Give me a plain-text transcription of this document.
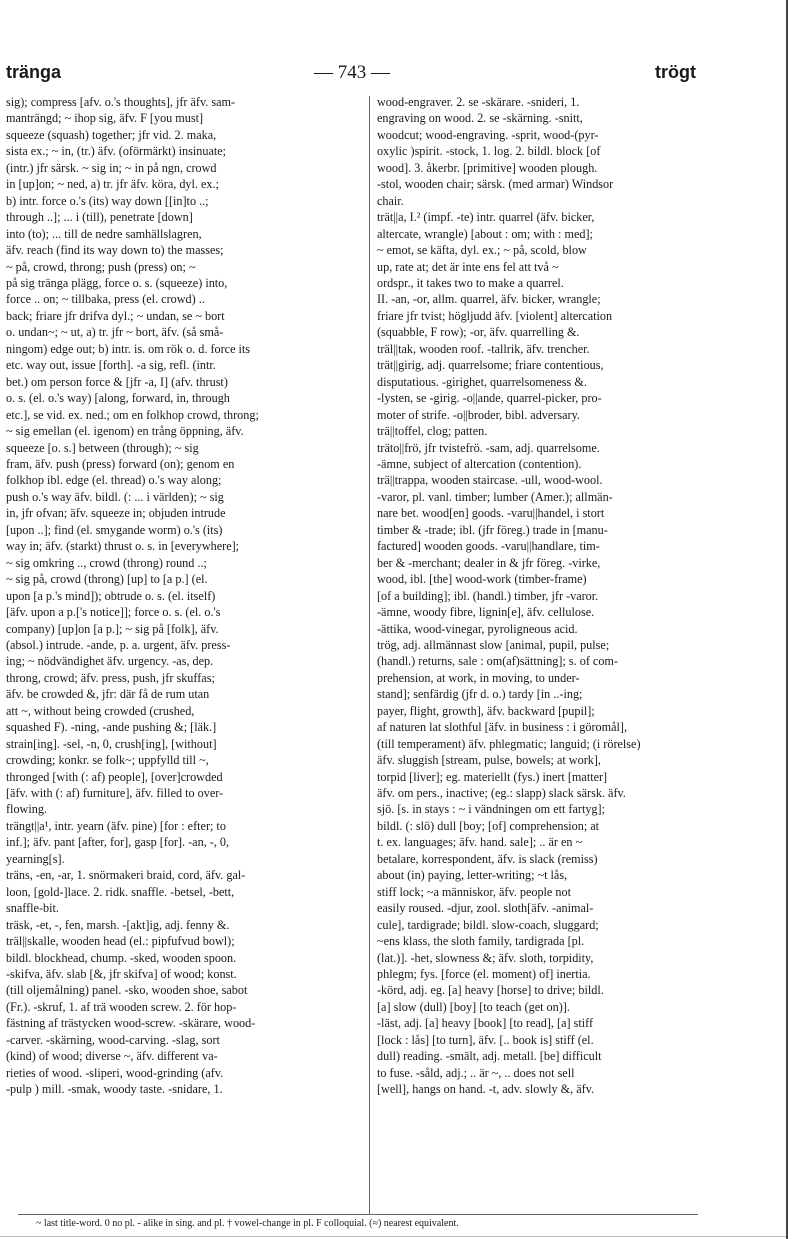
tränga	— 743 —	trögt
sig); compress [afv. o.'s thoughts], jfr äfv. sam-
manträngd; ~ ihop sig, äfv. F [you must]
squeeze (squash) together; jfr vid. 2. maka,
sista ex.; ~ in, (tr.) äfv. (oförmärkt) insinuate;
(intr.) jfr särsk. ~ sig in; ~ in på ngn, crowd
in [up]on; ~ ned, a) tr. jfr äfv. köra, dyl. ex.;
b) intr. force o.'s (its) way down [[in]to ..;
through ..]; ... i (till), penetrate [down]
into (to); ... till de nedre samhällslagren,
äfv. reach (find its way down to) the masses;
~ på, crowd, throng; push (press) on; ~
på sig tränga plägg, force o. s. (squeeze) into,
force .. on; ~ tillbaka, press (el. crowd) ..
back; friare jfr drifva dyl.; ~ undan, se ~ bort
o. undan~; ~ ut, a) tr. jfr ~ bort, äfv. (så små-
ningom) edge out; b) intr. is. om rök o. d. force its
etc. way out, issue [forth]. -a sig, refl. (intr.
bet.) om person force & [jfr -a, I] (afv. thrust)
o. s. (el. o.'s way) [along, forward, in, through
etc.], se vid. ex. ned.; om en folkhop crowd, throng;
~ sig emellan (el. igenom) en trång öppning, äfv.
squeeze [o. s.] between (through); ~ sig
fram, äfv. push (press) forward (on); genom en
folkhop ibl. edge (el. thread) o.'s way along;
push o.'s way äfv. bildl. (: ... i världen); ~ sig
in, jfr ofvan; äfv. squeeze in; objuden intrude
[upon ..]; find (el. smygande worm) o.'s (its)
way in; äfv. (starkt) thrust o. s. in [everywhere];
~ sig omkring .., crowd (throng) round ..;
~ sig på, crowd (throng) [up] to [a p.] (el.
upon [a p.'s mind]); obtrude o. s. (el. itself)
[äfv. upon a p.['s notice]]; force o. s. (el. o.'s
company) [up]on [a p.]; ~ sig på [folk], äfv.
(absol.) intrude. -ande, p. a. urgent, äfv. press-
ing; ~ nödvändighet äfv. urgency. -as, dep.
throng, crowd; äfv. press, push, jfr skuffas;
äfv. be crowded &, jfr: där få de rum utan
att ~, without being crowded (crushed,
squashed F). -ning, -ande pushing &; [läk.]
strain[ing]. -sel, -n, 0, crush[ing], [without]
crowding; konkr. se folk~; uppfylld till ~,
thronged [with (: af) people], [over]crowded
[äfv. with (: af) furniture], äfv. filled to over-
flowing.
trängt||a¹, intr. yearn (äfv. pine) [for : efter; to
inf.]; äfv. pant [after, for], gasp [for]. -an, -, 0,
yearning[s].
träns, -en, -ar, 1. snörmakeri braid, cord, äfv. gal-
loon, [gold-]lace. 2. ridk. snaffle. -betsel, -bett,
snaffle-bit.
träsk, -et, -, fen, marsh. -[akt]ig, adj. fenny &.
träl||skalle, wooden head (el.: pipfufvud bowl);
bildl. blockhead, chump. -sked, wooden spoon.
-skifva, äfv. slab [&, jfr skifva] of wood; konst.
(till oljemålning) panel. -sko, wooden shoe, sabot
(Fr.). -skruf, 1. af trä wooden screw. 2. för hop-
fästning af trästycken wood-screw. -skärare, wood-
-carver. -skärning, wood-carving. -slag, sort
(kind) of wood; diverse ~, äfv. different va-
rieties of wood. -sliperi, wood-grinding (afv.
-pulp ) mill. -smak, woody taste. -snidare, 1.
wood-engraver. 2. se -skärare. -snideri, 1.
engraving on wood. 2. se -skärning. -snitt,
woodcut; wood-engraving. -sprit, wood-(pyr-
oxylic )spirit. -stock, 1. log. 2. bildl. block [of
wood]. 3. åkerbr. [primitive] wooden plough.
-stol, wooden chair; särsk. (med armar) Windsor
chair.
trät||a, I.² (impf. -te) intr. quarrel (äfv. bicker,
altercate, wrangle) [about : om; with : med];
~ emot, se käfta, dyl. ex.; ~ på, scold, blow
up, rate at; det är inte ens fel att två ~
ordspr., it takes two to make a quarrel.
II. -an, -or, allm. quarrel, äfv. bicker, wrangle;
friare jfr tvist; högljudd äfv. [violent] altercation
(squabble, F row); -or, äfv. quarrelling &.
träl||tak, wooden roof. -tallrik, äfv. trencher.
trät||girig, adj. quarrelsome; friare contentious,
disputatious. -girighet, quarrelsomeness &.
-lysten, se -girig. -o||ande, quarrel-picker, pro-
moter of strife. -o||broder, bibl. adversary.
trä||toffel, clog; patten.
träto||frö, jfr tvistefrö. -sam, adj. quarrelsome.
-ämne, subject of altercation (contention).
trä||trappa, wooden staircase. -ull, wood-wool.
-varor, pl. vanl. timber; lumber (Amer.); allmän-
nare bet. wood[en] goods. -varu||handel, i stort
timber & -trade; ibl. (jfr föreg.) trade in [manu-
factured] wooden goods. -varu||handlare, tim-
ber & -merchant; dealer in & jfr föreg. -virke,
wood, ibl. [the] wood-work (timber-frame)
[of a building]; ibl. (handl.) timber, jfr -varor.
-ämne, woody fibre, lignin[e], äfv. cellulose.
-ättika, wood-vinegar, pyroligneous acid.
trög, adj. allmännast slow [animal, pupil, pulse;
(handl.) returns, sale : om(af)sättning]; s. of com-
prehension, at work, in moving, to under-
stand]; senfärdig (jfr d. o.) tardy [in ..-ing;
payer, flight, growth], äfv. backward [pupil];
af naturen lat slothful [äfv. in business : i göromål],
(till temperament) äfv. phlegmatic; languid; (i rörelse)
äfv. sluggish [stream, pulse, bowels; at work],
torpid [liver]; eg. materiellt (fys.) inert [matter]
äfv. om pers., inactive; (eg.: slapp) slack särsk. äfv.
sjö. [s. in stays : ~ i vändningen om ett fartyg];
bildl. (: slö) dull [boy; [of] comprehension; at
t. ex. languages; äfv. hand. sale]; .. är en ~
betalare, korrespondent, äfv. is slack (remiss)
about (in) paying, letter-writing; ~t lås,
stiff lock; ~a människor, äfv. people not
easily roused. -djur, zool. sloth[äfv. -animal-
cule], tardigrade; bildl. slow-coach, sluggard;
~ens klass, the sloth family, tardigrada [pl.
(lat.)]. -het, slowness &; äfv. sloth, torpidity,
phlegm; fys. [force (el. moment) of] inertia.
-körd, adj. eg. [a] heavy [horse] to drive; bildl.
[a] slow (dull) [boy] [to teach (get on)].
-läst, adj. [a] heavy [book] [to read], [a] stiff
[lock : lås] [to turn], äfv. [.. book is] stiff (el.
dull) reading. -smält, adj. metall. [be] difficult
to fuse. -såld, adj.; .. är ~, .. does not sell
[well], hangs on hand. -t, adv. slowly &, äfv.
~ last title-word. 0 no pl. - alike in sing. and pl. † vowel-change in pl. F colloquial. (≈) nearest equivalent.
